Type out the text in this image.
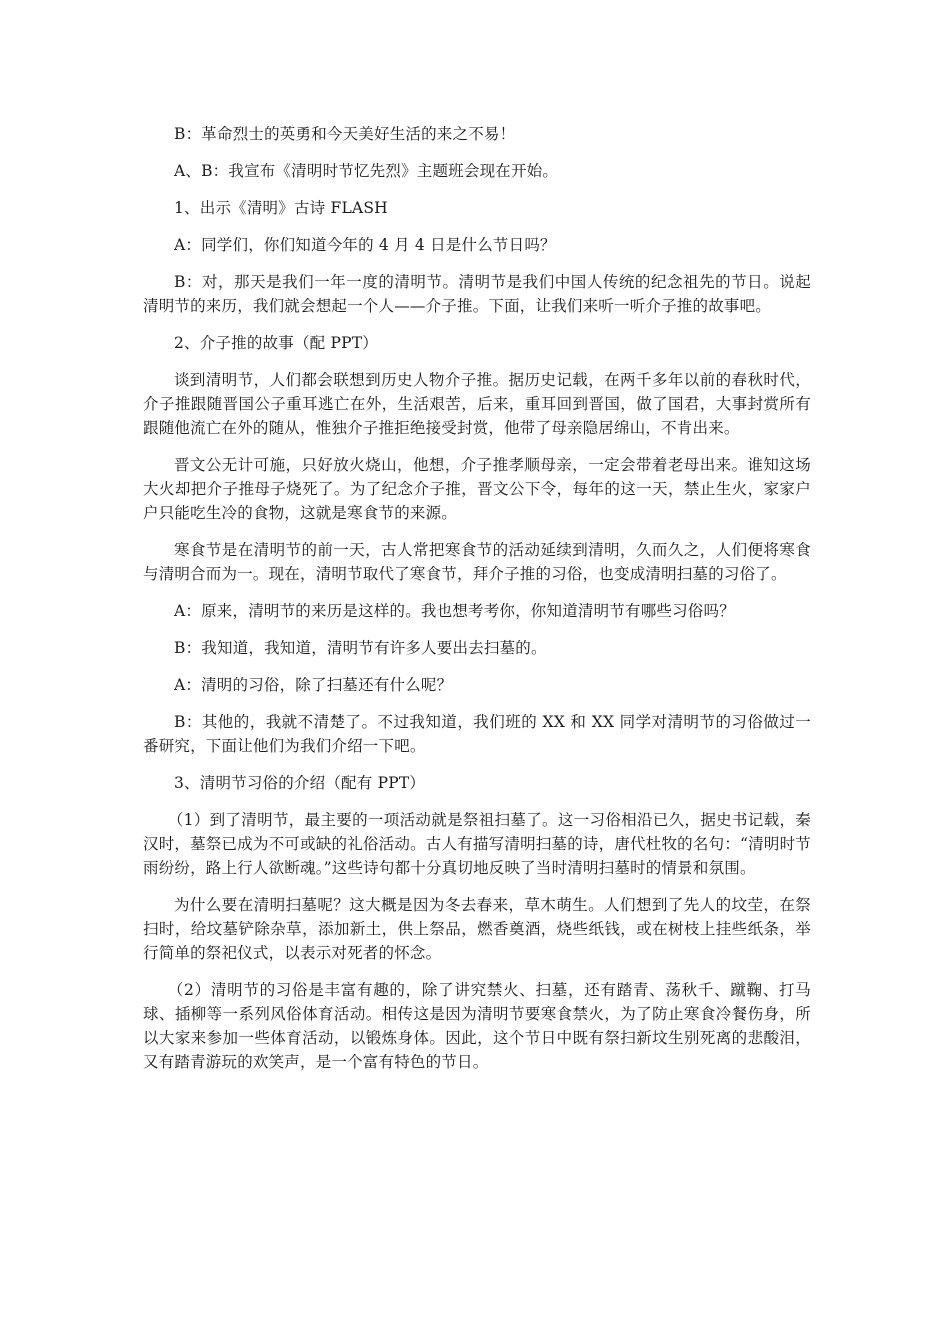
B：革命烈士的英勇和今天美好生活的来之不易！

A、B：我宣布《清明时节忆先烈》主题班会现在开始。

1、出示《清明》古诗 FLASH

A：同学们，你们知道今年的 4 月 4 日是什么节日吗？

B：对，那天是我们一年一度的清明节。清明节是我们中国人传统的纪念祖先的节日。说起清明节的来历，我们就会想起一个人——介子推。下面，让我们来听一听介子推的故事吧。

2、介子推的故事（配 PPT）

谈到清明节，人们都会联想到历史人物介子推。据历史记载，在两千多年以前的春秋时代，介子推跟随晋国公子重耳逃亡在外，生活艰苦，后来，重耳回到晋国，做了国君，大事封赏所有跟随他流亡在外的随从，惟独介子推拒绝接受封赏，他带了母亲隐居绵山，不肯出来。

晋文公无计可施，只好放火烧山，他想，介子推孝顺母亲，一定会带着老母出来。谁知这场大火却把介子推母子烧死了。为了纪念介子推，晋文公下令，每年的这一天，禁止生火，家家户户只能吃生冷的食物，这就是寒食节的来源。

寒食节是在清明节的前一天，古人常把寒食节的活动延续到清明，久而久之，人们便将寒食与清明合而为一。现在，清明节取代了寒食节，拜介子推的习俗，也变成清明扫墓的习俗了。

A：原来，清明节的来历是这样的。我也想考考你，你知道清明节有哪些习俗吗？

B：我知道，我知道，清明节有许多人要出去扫墓的。

A：清明的习俗，除了扫墓还有什么呢？

B：其他的，我就不清楚了。不过我知道，我们班的 XX 和 XX 同学对清明节的习俗做过一番研究，下面让他们为我们介绍一下吧。

3、清明节习俗的介绍（配有 PPT）

（1）到了清明节，最主要的一项活动就是祭祖扫墓了。这一习俗相沿已久，据史书记载，秦汉时，墓祭已成为不可或缺的礼俗活动。古人有描写清明扫墓的诗，唐代杜牧的名句：“清明时节雨纷纷，路上行人欲断魂。”这些诗句都十分真切地反映了当时清明扫墓时的情景和氛围。

为什么要在清明扫墓呢？这大概是因为冬去春来，草木萌生。人们想到了先人的坟茔，在祭扫时，给坟墓铲除杂草，添加新土，供上祭品，燃香奠酒，烧些纸钱，或在树枝上挂些纸条，举行简单的祭祀仪式，以表示对死者的怀念。

（2）清明节的习俗是丰富有趣的，除了讲究禁火、扫墓，还有踏青、荡秋千、蹴鞠、打马球、插柳等一系列风俗体育活动。相传这是因为清明节要寒食禁火，为了防止寒食冷餐伤身，所以大家来参加一些体育活动，以锻炼身体。因此，这个节日中既有祭扫新坟生别死离的悲酸泪，又有踏青游玩的欢笑声，是一个富有特色的节日。
